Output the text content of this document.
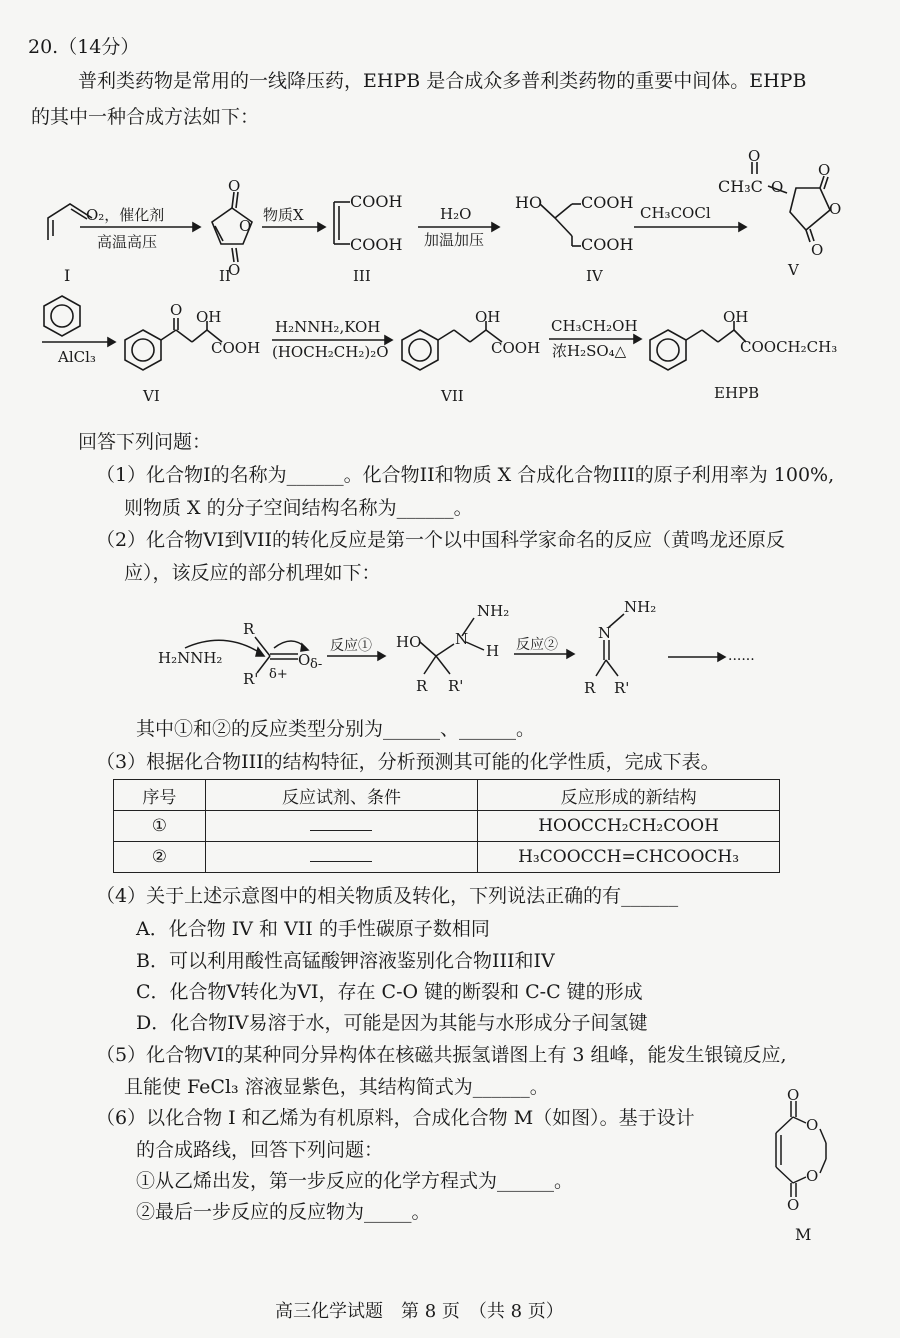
20.（14分）
普利类药物是常用的一线降压药，EHPB 是合成众多普利类药物的重要中间体。EHPB
的其中一种合成方法如下：
O₂，催化剂
高温高压
I
O
O
O
II
物质X
COOH
COOH
III
H₂O
加温加压
HO COOH
COOH
IV
CH₃COCl
O
CH₃C O
O
O
O
V
AlCl₃
O OH
COOH
VI
H₂NNH₂,KOH
(HOCH₂CH₂)₂O
OH
COOH
VII
CH₃CH₂OH
浓H₂SO₄△
OH
COOCH₂CH₃
EHPB
回答下列问题：
（1）化合物I的名称为______。化合物II和物质 X 合成化合物III的原子利用率为 100%,
则物质 X 的分子空间结构名称为______。
（2）化合物VI到VII的转化反应是第一个以中国科学家命名的反应（黄鸣龙还原反
应），该反应的部分机理如下：
H₂NNH₂
R
R' δ+
O δ-
反应① HO N
NH₂
H
R R'
反应②
N
NH₂
R R'
......
其中①和②的反应类型分别为______、______。
（3）根据化合物III的结构特征，分析预测其可能的化学性质，完成下表。
序号	反应试剂、条件	反应形成的新结构
①		HOOCCH₂CH₂COOH
②		H₃COOCCH=CHCOOCH₃
（4）关于上述示意图中的相关物质及转化，下列说法正确的有______
A．化合物 IV 和 VII 的手性碳原子数相同
B．可以利用酸性高锰酸钾溶液鉴别化合物III和IV
C．化合物V转化为VI，存在 C-O 键的断裂和 C-C 键的形成
D．化合物IV易溶于水，可能是因为其能与水形成分子间氢键
（5）化合物VI的某种同分异构体在核磁共振氢谱图上有 3 组峰，能发生银镜反应,
且能使 FeCl₃ 溶液显紫色，其结构简式为______。
（6）以化合物 I 和乙烯为有机原料，合成化合物 M（如图）。基于设计
的合成路线，回答下列问题：
①从乙烯出发，第一步反应的化学方程式为______。
②最后一步反应的反应物为_____。
O
O
O
O
M
高三化学试题　第 8 页　（共 8 页）
